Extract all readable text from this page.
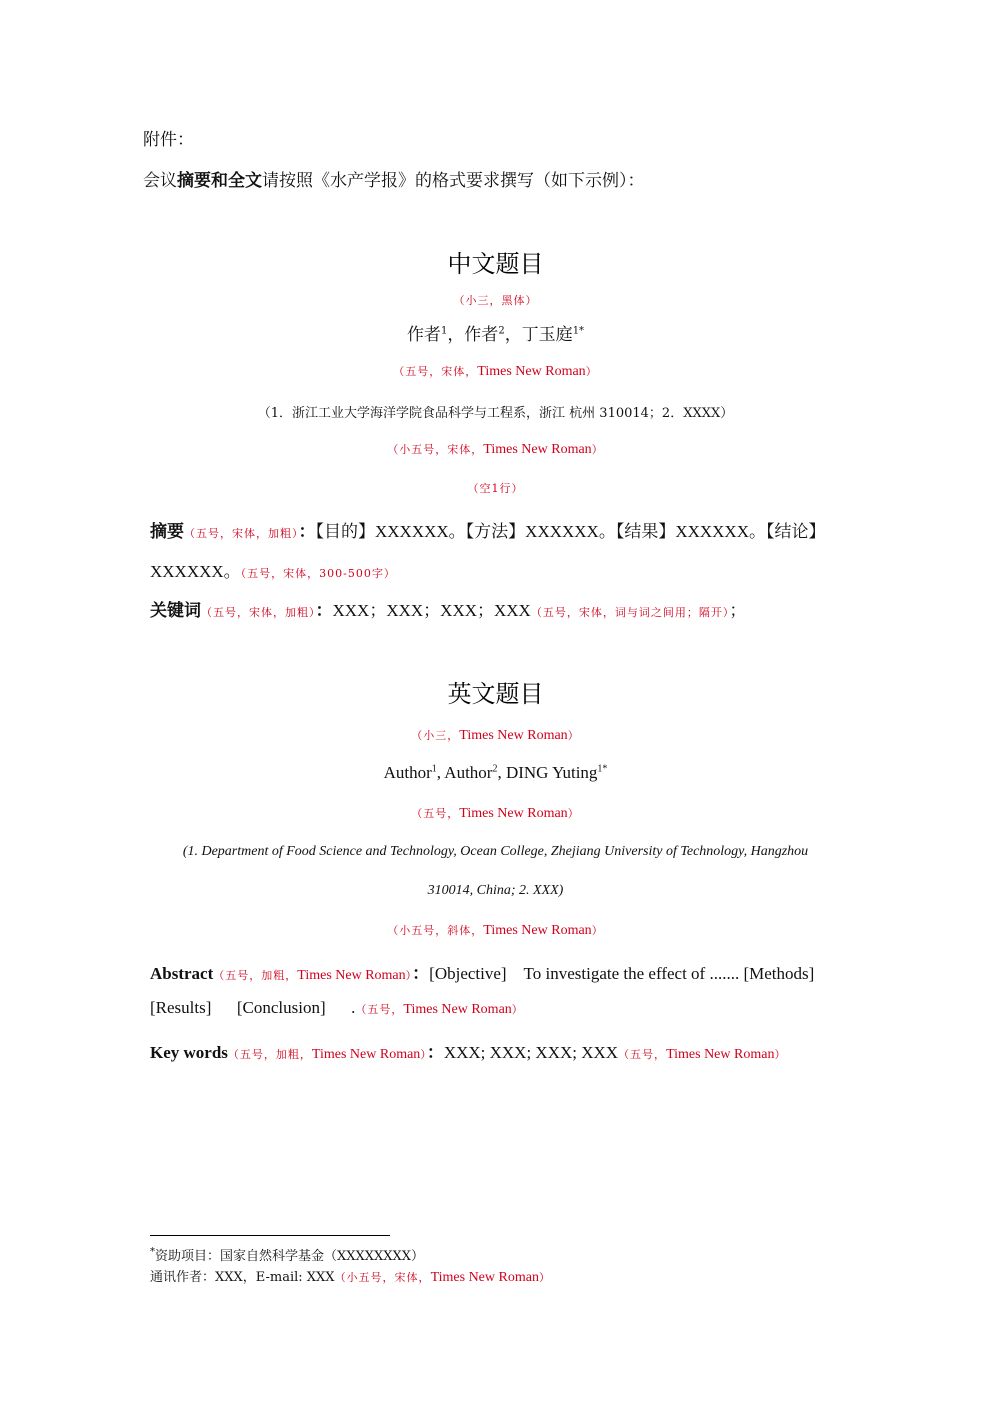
附件：
会议摘要和全文请按照《水产学报》的格式要求撰写（如下示例）：
中文题目
（小三，黑体）
作者$^1$，作者$^2$，丁玉庭$^{1*}$
（五号，宋体，Times New Roman）
（1．浙江工业大学海洋学院食品科学与工程系，浙江 杭州 310014；2．XXXX）
（小五号，宋体，Times New Roman）
（空1行）
摘要（五号，宋体，加粗）：【目的】XXXXXX。【方法】XXXXXX。【结果】XXXXXX。【结论】
XXXXXX。（五号，宋体，300-500字）
关键词（五号，宋体，加粗）：XXX；XXX；XXX；XXX（五号，宋体，词与词之间用；隔开）；
英文题目
（小三，Times New Roman）
Author$^1$, Author$^2$, DING Yuting$^{1*}$
（五号，Times New Roman）
(1. Department of Food Science and Technology, Ocean College, Zhejiang University of Technology, Hangzhou
310014, China; 2. XXX)
（小五号，斜体，Times New Roman）
Abstract（五号，加粗，Times New Roman）：[Objective]    To investigate the effect of ....... [Methods]
[Results]      [Conclusion]      .（五号，Times New Roman）
Key words（五号，加粗，Times New Roman）：XXX; XXX; XXX; XXX（五号，Times New Roman）
*资助项目：国家自然科学基金（XXXXXXXX）
通讯作者：XXX，E-mail: XXX（小五号，宋体，Times New Roman）
